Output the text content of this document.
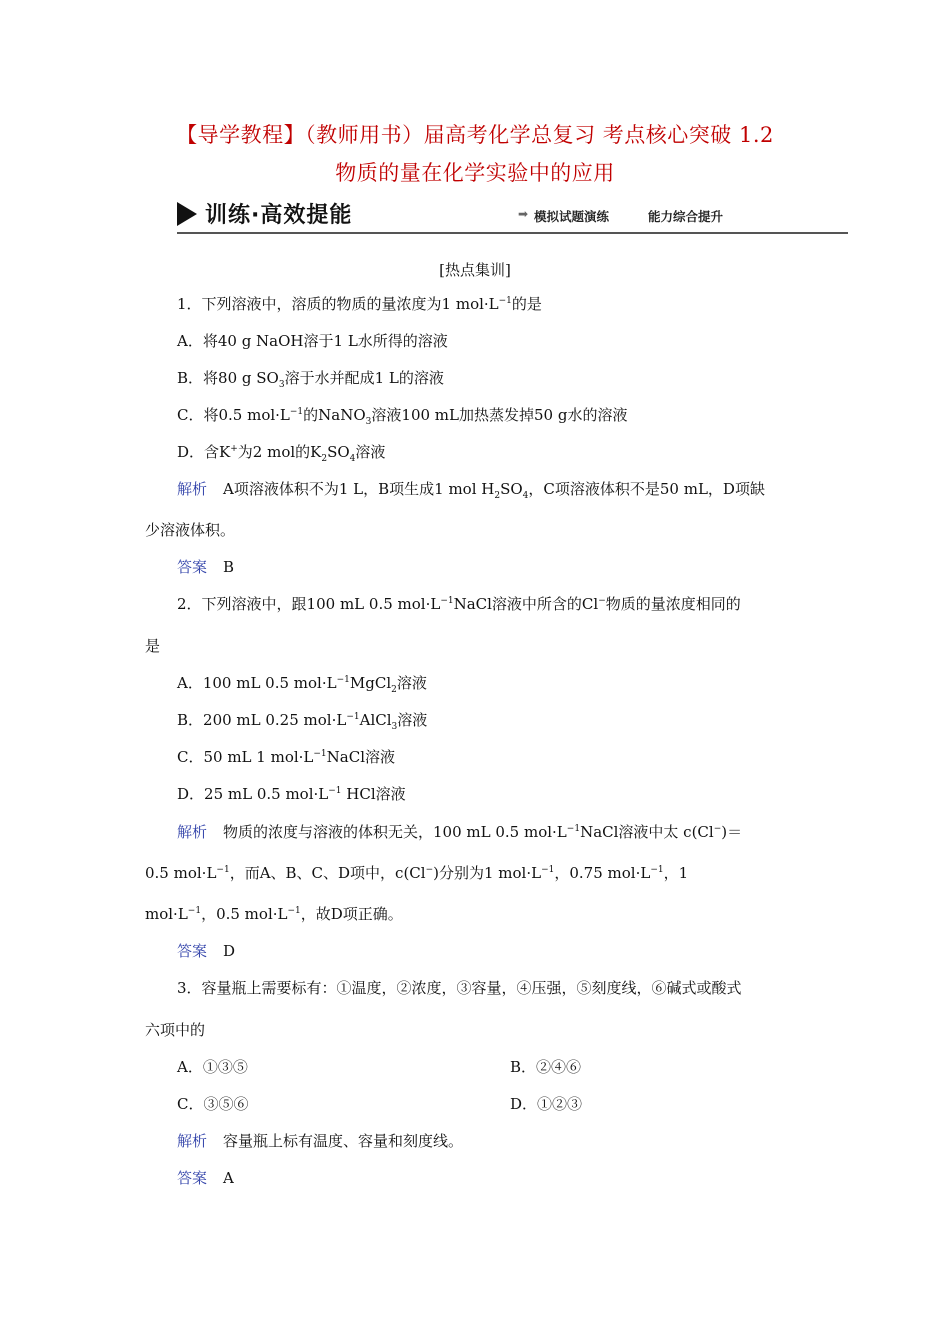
【导学教程】（教师用书）届高考化学总复习 考点核心突破 1.2
物质的量在化学实验中的应用
训练·高效提能	➡ 模拟试题演练	能力综合提升
[热点集训]
1．下列溶液中，溶质的物质的量浓度为1 $mol\cdot L^{-1}$的是
A．将40 g NaOH溶于1 L水所得的溶液
B．将80 g $SO_3$溶于水并配成1 L的溶液
C．将0.5 $mol\cdot L^{-1}$的NaNO$_3$溶液100 mL加热蒸发掉50 g水的溶液
D．含K+为2 mol的$K_2SO_4$溶液
解析 A项溶液体积不为1 L，B项生成1 mol $H_2SO_4$，C项溶液体积不是50 mL，D项缺
少溶液体积。
答案 B
2．下列溶液中，跟100 mL 0.5 $mol\cdot L^{-1}NaCl$溶液中所含的Cl−物质的量浓度相同的
是
A．100 mL 0.5 $mol\cdot L^{-1}MgCl_2$溶液
B．200 mL 0.25 $mol\cdot L^{-1}AlCl_3$溶液
C．50 mL 1 $mol\cdot L^{-1}NaCl$溶液
D．25 mL 0.5 $mol\cdot L^{-1}$ HCl溶液
解析 物质的浓度与溶液的体积无关，100 mL 0.5 $mol\cdot L^{-1}NaCl$溶液中太 c(Cl−)＝
0.5 $mol\cdot L^{-1}$，而A、B、C、D项中，c(Cl−)分别为1 $mol\cdot L^{-1}$，0.75 $mol\cdot L^{-1}$，1
$mol\cdot L^{-1}$，0.5 $mol\cdot L^{-1}$，故D项正确。
答案 D
3．容量瓶上需要标有：①温度，②浓度，③容量，④压强，⑤刻度线，⑥碱式或酸式
六项中的
A．①③⑤	B．②④⑥
C．③⑤⑥	D．①②③
解析 容量瓶上标有温度、容量和刻度线。
答案 A
